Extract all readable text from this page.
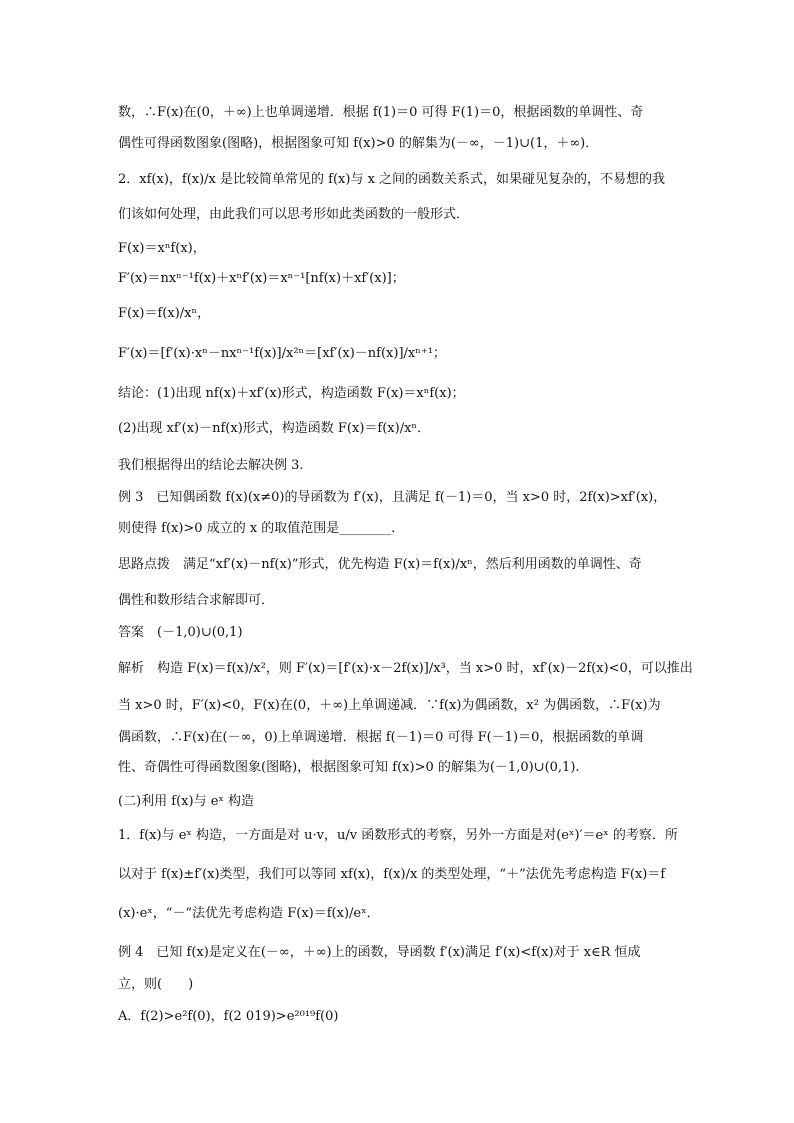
数，∴F(x)在(0，＋∞)上也单调递增．根据 f(1)＝0 可得 F(1)＝0，根据函数的单调性、奇
偶性可得函数图象(图略)，根据图象可知 f(x)>0 的解集为(－∞，－1)∪(1，＋∞)．
2．xf(x)，f(x)/x 是比较简单常见的 f(x)与 x 之间的函数关系式，如果碰见复杂的，不易想的我
们该如何处理，由此我们可以思考形如此类函数的一般形式．
F(x)＝xⁿf(x)，
F′(x)＝nxⁿ⁻¹f(x)＋xⁿf′(x)＝xⁿ⁻¹[nf(x)＋xf′(x)]；
F(x)＝f(x)/xⁿ，
F′(x)＝[f′(x)·xⁿ－nxⁿ⁻¹f(x)]/x²ⁿ＝[xf′(x)－nf(x)]/xⁿ⁺¹；
结论：(1)出现 nf(x)＋xf′(x)形式，构造函数 F(x)＝xⁿf(x)；
(2)出现 xf′(x)－nf(x)形式，构造函数 F(x)＝f(x)/xⁿ．
我们根据得出的结论去解决例 3.
例 3　已知偶函数 f(x)(x≠0)的导函数为 f′(x)，且满足 f(－1)＝0，当 x>0 时，2f(x)>xf′(x)，
则使得 f(x)>0 成立的 x 的取值范围是________．
思路点拨　满足“xf′(x)－nf(x)”形式，优先构造 F(x)＝f(x)/xⁿ，然后利用函数的单调性、奇
偶性和数形结合求解即可．
答案　(－1,0)∪(0,1)
解析　构造 F(x)＝f(x)/x²，则 F′(x)＝[f′(x)·x－2f(x)]/x³，当 x>0 时，xf′(x)－2f(x)<0，可以推出
当 x>0 时，F′(x)<0，F(x)在(0，＋∞)上单调递减．∵f(x)为偶函数，x² 为偶函数，∴F(x)为
偶函数，∴F(x)在(－∞，0)上单调递增．根据 f(－1)＝0 可得 F(－1)＝0，根据函数的单调
性、奇偶性可得函数图象(图略)，根据图象可知 f(x)>0 的解集为(－1,0)∪(0,1).
(二)利用 f(x)与 eˣ 构造
1．f(x)与 eˣ 构造，一方面是对 u·v，u/v 函数形式的考察，另外一方面是对(eˣ)′＝eˣ 的考察．所
以对于 f(x)±f′(x)类型，我们可以等同 xf(x)，f(x)/x 的类型处理，“＋”法优先考虑构造 F(x)＝f
(x)·eˣ，“－”法优先考虑构造 F(x)＝f(x)/eˣ．
例 4　已知 f(x)是定义在(－∞，＋∞)上的函数，导函数 f′(x)满足 f′(x)<f(x)对于 x∈R 恒成
立，则(　　)
A．f(2)>e²f(0)，f(2 019)>e²⁰¹⁹f(0)
